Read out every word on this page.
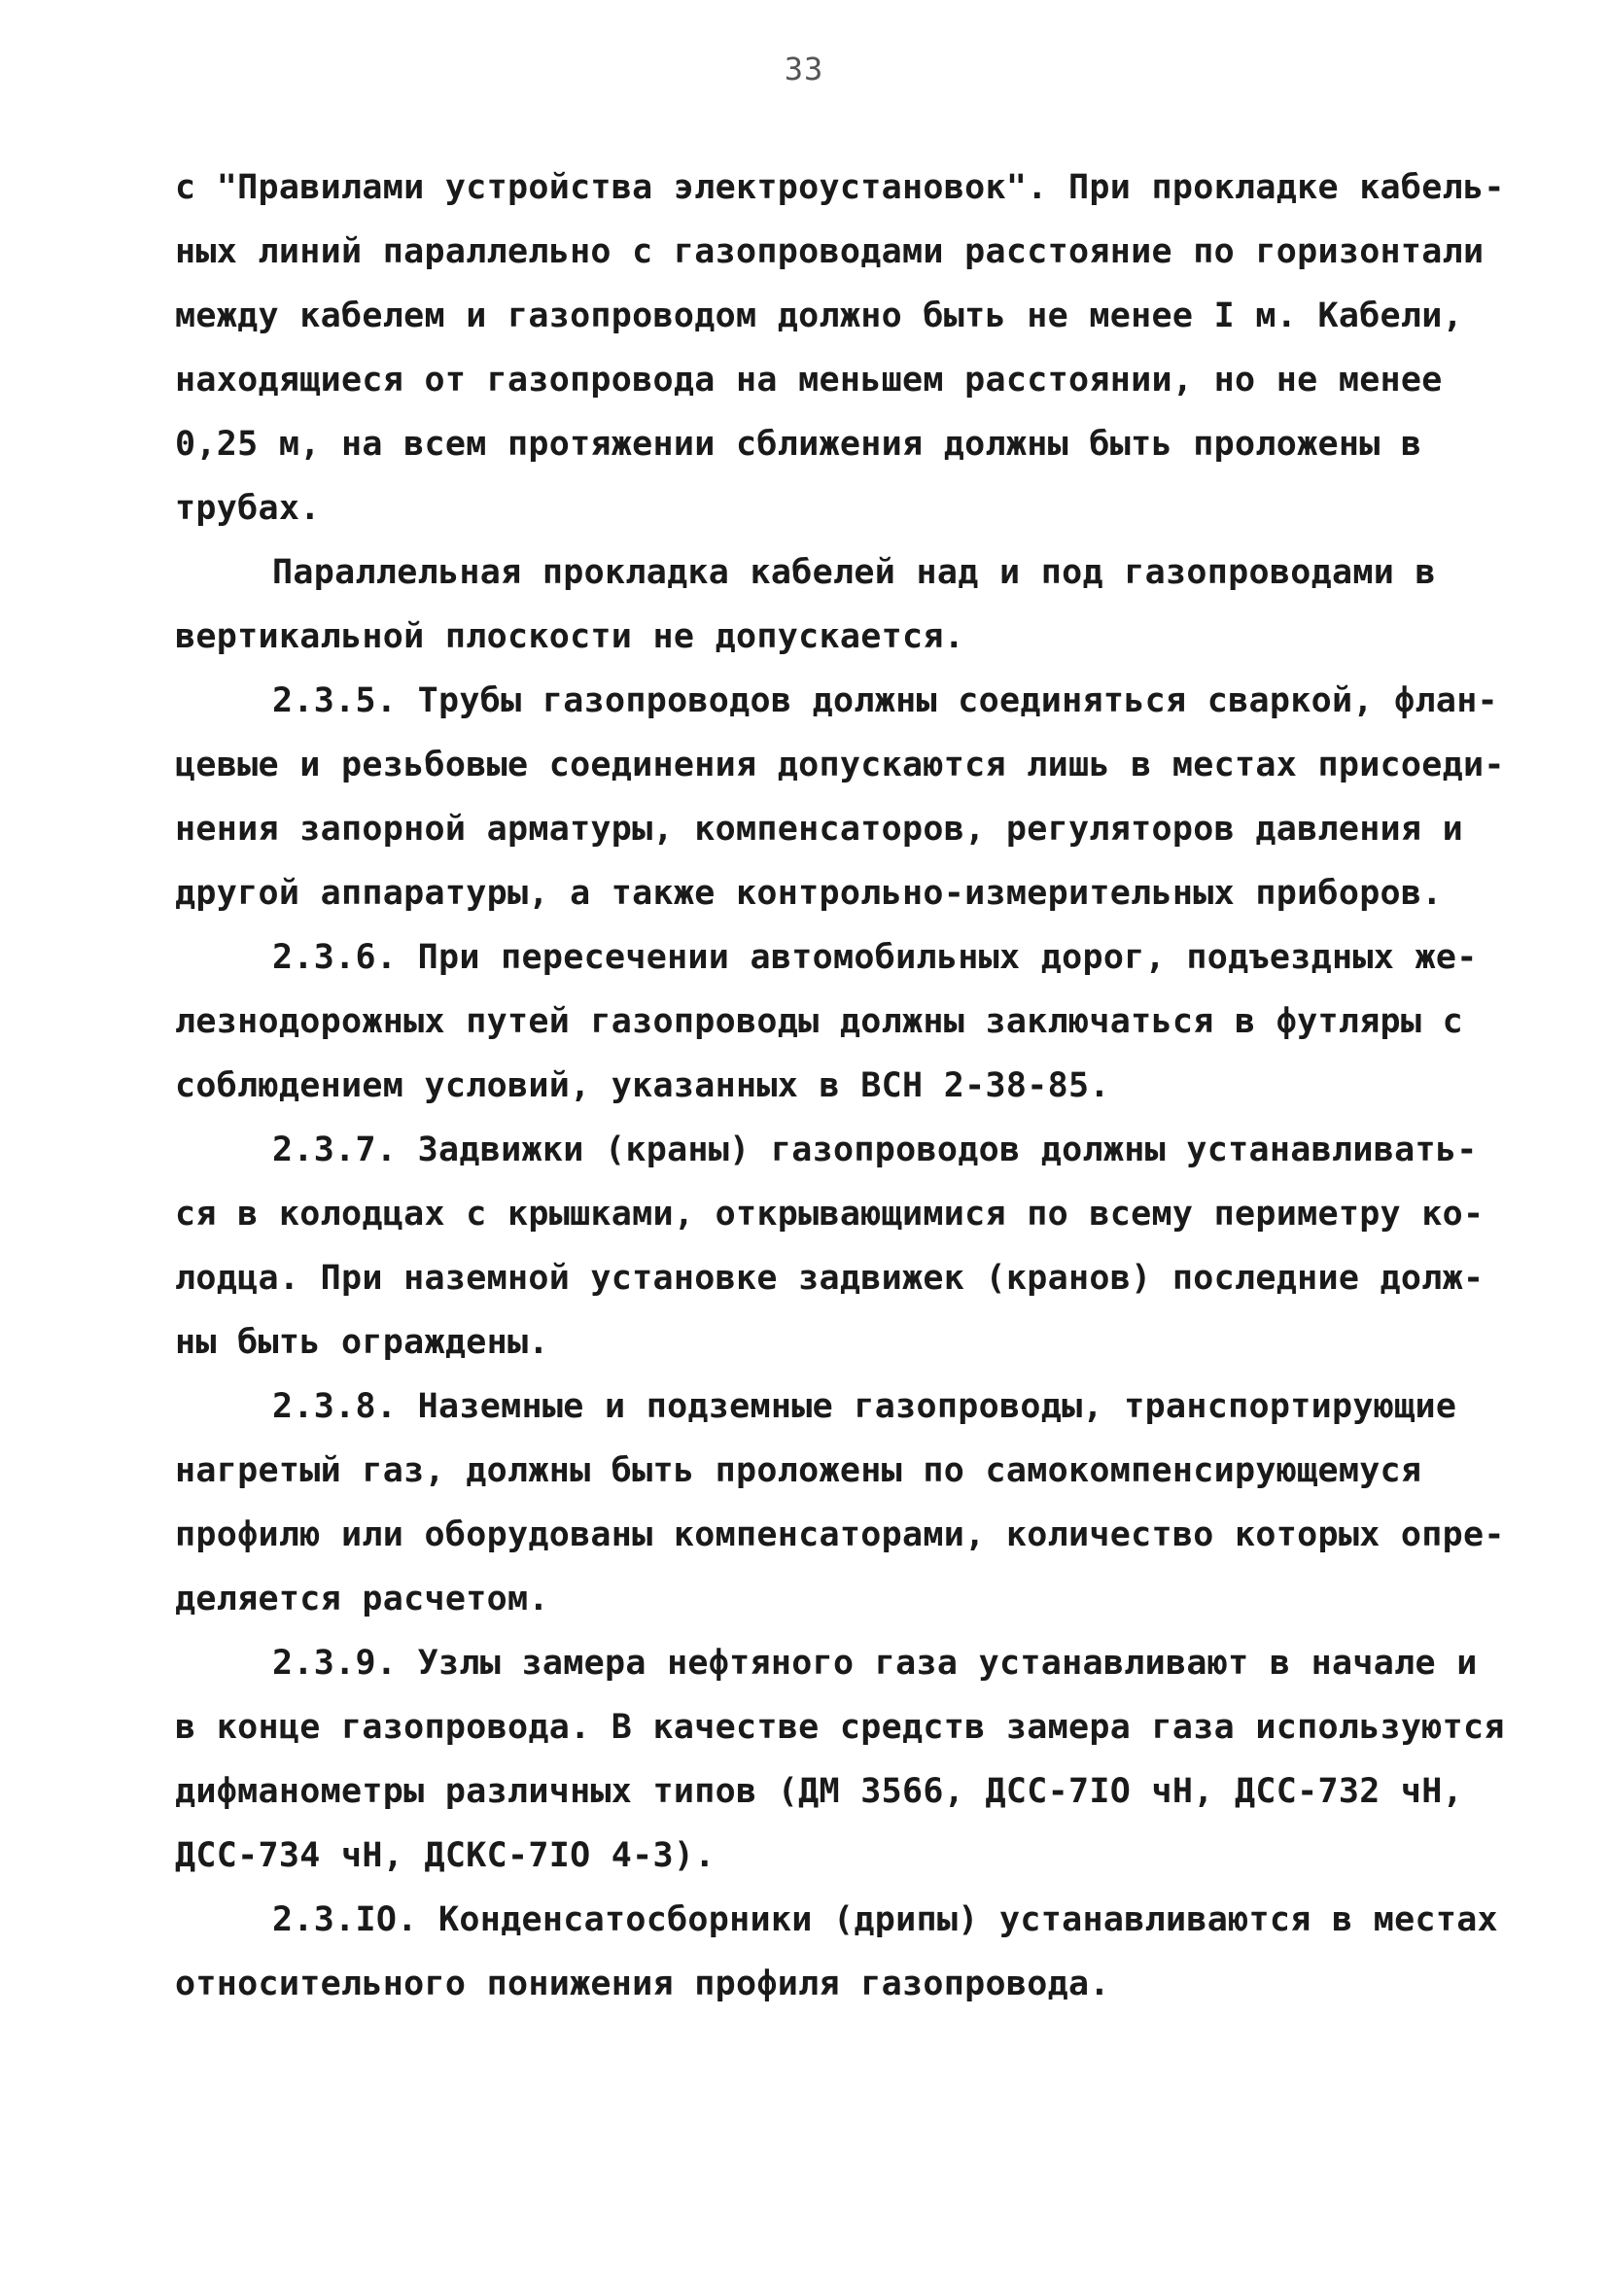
33
с "Правилами устройства электроустановок". При прокладке кабель-
ных линий параллельно с газопроводами расстояние по горизонтали
между кабелем и газопроводом должно быть не менее I м. Кабели,
находящиеся от газопровода на меньшем расстоянии, но не менее
0,25 м, на всем протяжении сближения должны быть проложены в
трубах.
Параллельная прокладка кабелей над и под газопроводами в
вертикальной плоскости не допускается.
2.3.5. Трубы газопроводов должны соединяться сваркой, флан-
цевые и резьбовые соединения допускаются лишь в местах присоеди-
нения запорной арматуры, компенсаторов, регуляторов давления и
другой аппаратуры, а также контрольно-измерительных приборов.
2.3.6. При пересечении автомобильных дорог, подъездных же-
лезнодорожных путей газопроводы должны заключаться в футляры с
соблюдением условий, указанных в ВСН 2-38-85.
2.3.7. Задвижки (краны) газопроводов должны устанавливать-
ся в колодцах с крышками, открывающимися по всему периметру ко-
лодца. При наземной установке задвижек (кранов) последние долж-
ны быть ограждены.
2.3.8. Наземные и подземные газопроводы, транспортирующие
нагретый газ, должны быть проложены по самокомпенсирующемуся
профилю или оборудованы компенсаторами, количество которых опре-
деляется расчетом.
2.3.9. Узлы замера нефтяного газа устанавливают в начале и
в конце газопровода. В качестве средств замера газа используются
дифманометры различных типов (ДМ 3566, ДСС-7IO чН, ДСС-732 чН,
ДСС-734 чН, ДСКС-7IO 4-3).
2.3.IO. Конденсатосборники (дрипы) устанавливаются в местах
относительного понижения профиля газопровода.
